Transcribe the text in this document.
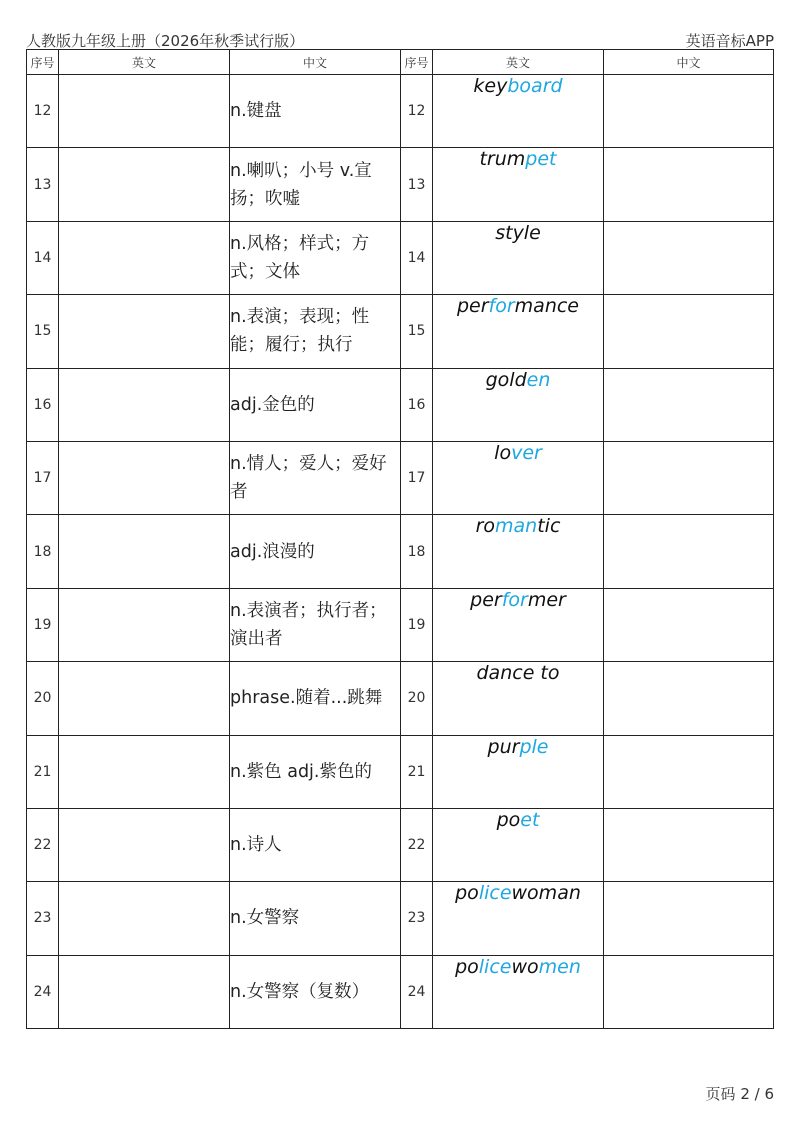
人教版九年级上册（2026年秋季试行版）	英语音标APP
序号	英文	中文	序号	英文	中文
12		n.键盘	12	keyboard	
13		n.喇叭；小号 v.宣扬；吹嘘	13	trumpet	
14		n.风格；样式；方式；文体	14	style	
15		n.表演；表现；性能；履行；执行	15	performance	
16		adj.金色的	16	golden	
17		n.情人；爱人；爱好者	17	lover	
18		adj.浪漫的	18	romantic	
19		n.表演者；执行者；演出者	19	performer	
20		phrase.随着...跳舞	20	dance to	
21		n.紫色 adj.紫色的	21	purple	
22		n.诗人	22	poet	
23		n.女警察	23	policewoman	
24		n.女警察（复数）	24	policewomen	
页码 2 / 6
